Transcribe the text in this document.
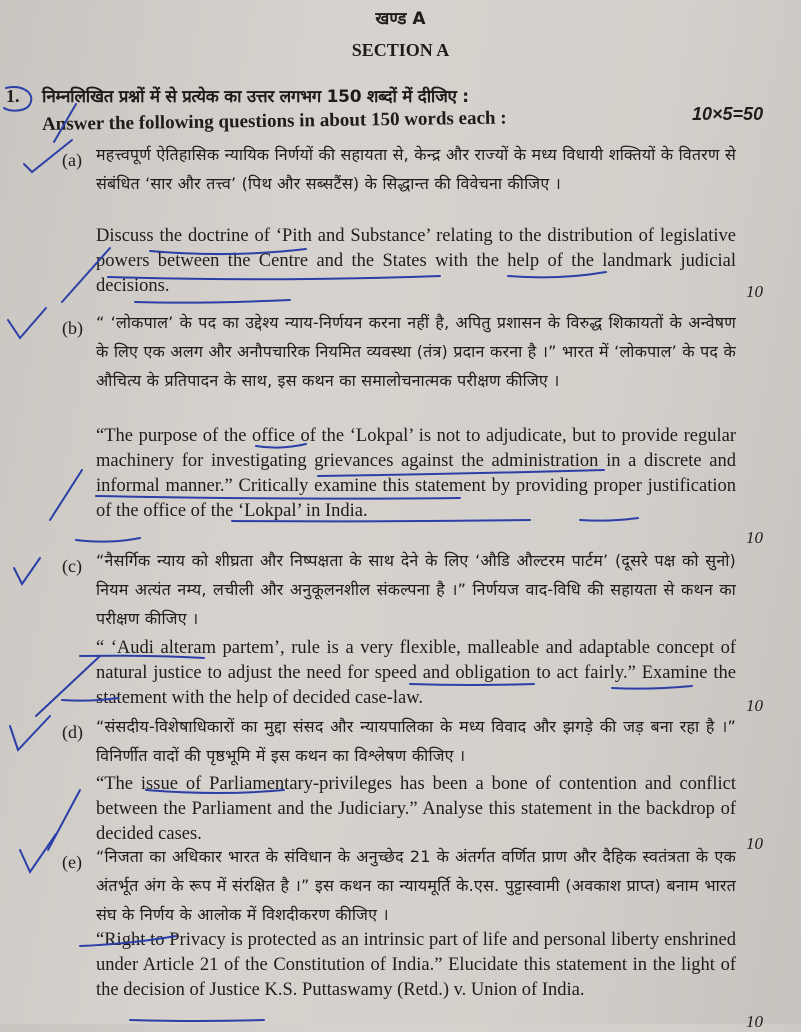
खण्ड A
SECTION A
1. निम्नलिखित प्रश्नों में से प्रत्येक का उत्तर लगभग 150 शब्दों में दीजिए :
Answer the following questions in about 150 words each :	10×5=50
(a) महत्त्वपूर्ण ऐतिहासिक न्यायिक निर्णयों की सहायता से, केन्द्र और राज्यों के मध्य विधायी शक्तियों के वितरण से संबंधित ‘सार और तत्त्व’ (पिथ और सब्सटैंस) के सिद्धान्त की विवेचना कीजिए ।
Discuss the doctrine of ‘Pith and Substance’ relating to the distribution of legislative powers between the Centre and the States with the help of the landmark judicial decisions.	10
(b) “ ‘लोकपाल’ के पद का उद्देश्य न्याय-निर्णयन करना नहीं है, अपितु प्रशासन के विरुद्ध शिकायतों के अन्वेषण के लिए एक अलग और अनौपचारिक नियमित व्यवस्था (तंत्र) प्रदान करना है ।” भारत में ‘लोकपाल’ के पद के औचित्य के प्रतिपादन के साथ, इस कथन का समालोचनात्मक परीक्षण कीजिए ।
“The purpose of the office of the ‘Lokpal’ is not to adjudicate, but to provide regular machinery for investigating grievances against the administration in a discrete and informal manner.” Critically examine this statement by providing proper justification of the office of the ‘Lokpal’ in India.
10
(c) “नैसर्गिक न्याय को शीघ्रता और निष्पक्षता के साथ देने के लिए ‘औडि औल्टरम पार्टम’ (दूसरे पक्ष को सुनो) नियम अत्यंत नम्य, लचीली और अनुकूलनशील संकल्पना है ।” निर्णयज वाद-विधि की सहायता से कथन का परीक्षण कीजिए ।
“ ‘Audi alteram partem’, rule is a very flexible, malleable and adaptable concept of natural justice to adjust the need for speed and obligation to act fairly.” Examine the statement with the help of decided case-law.	10
(d) “संसदीय-विशेषाधिकारों का मुद्दा संसद और न्यायपालिका के मध्य विवाद और झगड़े की जड़ बना रहा है ।” विनिर्णीत वादों की पृष्ठभूमि में इस कथन का विश्लेषण कीजिए ।
“The issue of Parliamentary-privileges has been a bone of contention and conflict between the Parliament and the Judiciary.” Analyse this statement in the backdrop of decided cases.	10
(e) “निजता का अधिकार भारत के संविधान के अनुच्छेद 21 के अंतर्गत वर्णित प्राण और दैहिक स्वतंत्रता के एक अंतर्भूत अंग के रूप में संरक्षित है ।” इस कथन का न्यायमूर्ति के.एस. पुट्टास्वामी (अवकाश प्राप्त) बनाम भारत संघ के निर्णय के आलोक में विशदीकरण कीजिए ।
“Right to Privacy is protected as an intrinsic part of life and personal liberty enshrined under Article 21 of the Constitution of India.” Elucidate this statement in the light of the decision of Justice K.S. Puttaswamy (Retd.) v. Union of India.
10
